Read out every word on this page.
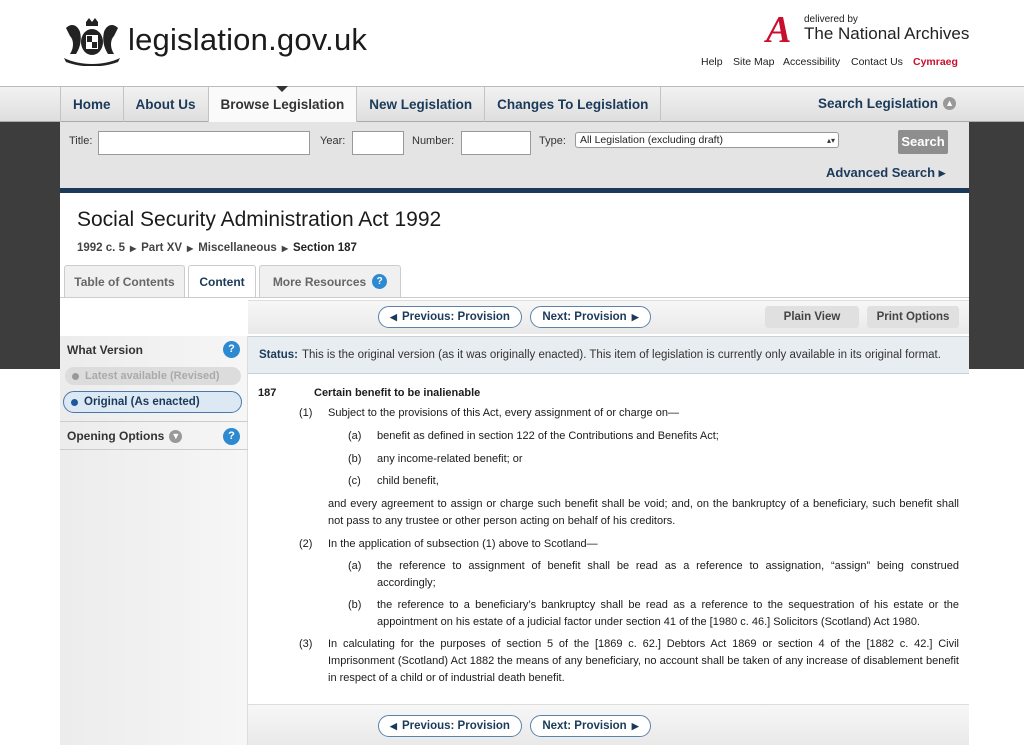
legislation.gov.uk	A delivered by
The National Archives
Help Site Map Accessibility Contact Us Cymraeg
Home	About Us	Browse Legislation	New Legislation	Changes To Legislation	Search Legislation ▲
Title:	Year:	Number:	Type:	All Legislation (excluding draft)	▴▾	Search
Advanced Search ▸
Social Security Administration Act 1992
1992 c. 5 ▶ Part XV ▶ Miscellaneous ▶ Section 187
Table of Contents	Content	More Resources	?
◀ Previous: Provision	Next: Provision ▶	Plain View	Print Options
What Version	?
Latest available (Revised)
Original (As enacted)
Opening Options ▼	?
Status: This is the original version (as it was originally enacted). This item of legislation is currently only available in its original format.
187	Certain benefit to be inalienable
(1) Subject to the provisions of this Act, every assignment of or charge on—
(a) benefit as defined in section 122 of the Contributions and Benefits Act;
(b) any income-related benefit; or
(c) child benefit,
and every agreement to assign or charge such benefit shall be void; and, on the bankruptcy of a beneficiary, such benefit shall not pass to any trustee or other person acting on behalf of his creditors.
(2) In the application of subsection (1) above to Scotland—
(a) the reference to assignment of benefit shall be read as a reference to assignation, “assign” being construed accordingly;
(b) the reference to a beneficiary’s bankruptcy shall be read as a reference to the sequestration of his estate or the appointment on his estate of a judicial factor under section 41 of the [1980 c. 46.] Solicitors (Scotland) Act 1980.
(3) In calculating for the purposes of section 5 of the [1869 c. 62.] Debtors Act 1869 or section 4 of the [1882 c. 42.] Civil Imprisonment (Scotland) Act 1882 the means of any beneficiary, no account shall be taken of any increase of disablement benefit in respect of a child or of industrial death benefit.
◀ Previous: Provision	Next: Provision ▶
